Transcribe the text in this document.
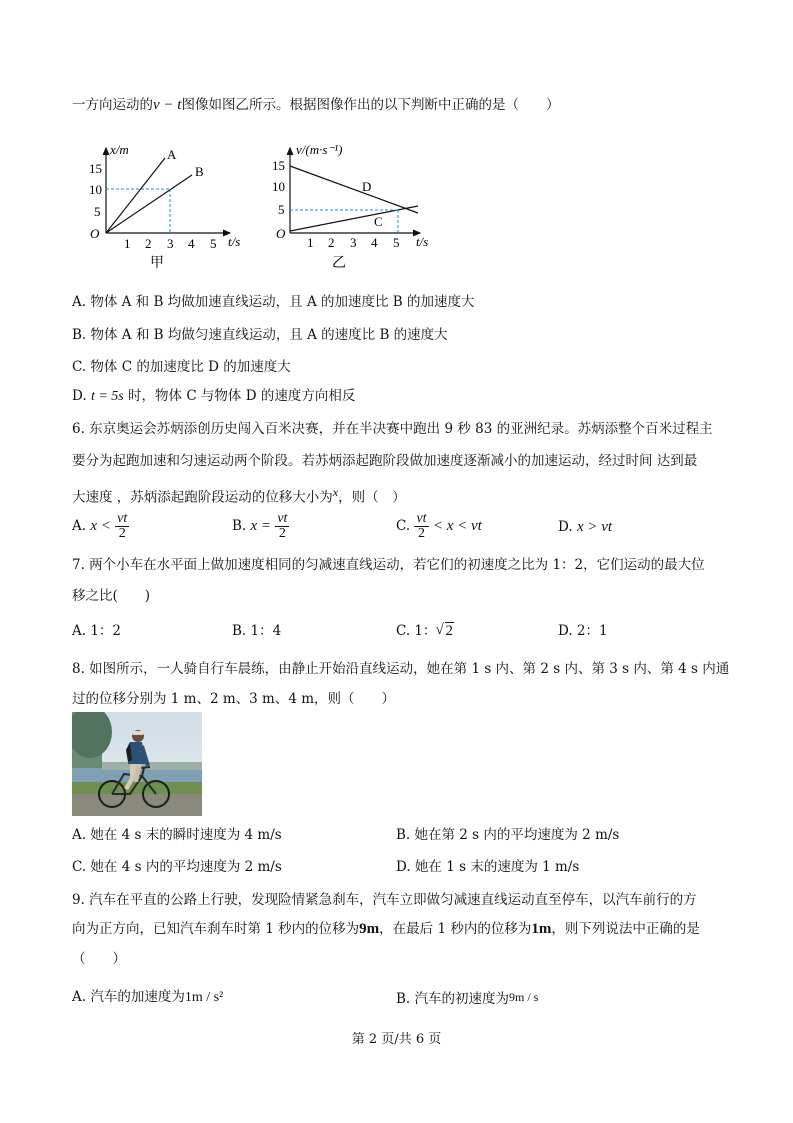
一方向运动的v − t图像如图乙所示。根据图像作出的以下判断中正确的是（　　）
x/m
t/s
O
15
10
5
1 2 3 4 5
A
B
甲
v/(m·s⁻¹)
t/s
O
15
10
5
1 2 3 4 5
D
C
乙
A. 物体 A 和 B 均做加速直线运动，且 A 的加速度比 B 的加速度大
B. 物体 A 和 B 均做匀速直线运动，且 A 的速度比 B 的速度大
C. 物体 C 的加速度比 D 的加速度大
D. t = 5s 时，物体 C 与物体 D 的速度方向相反
6. 东京奥运会苏炳添创历史闯入百米决赛，并在半决赛中跑出 9 秒 83 的亚洲纪录。苏炳添整个百米过程主
要分为起跑加速和匀速运动两个阶段。若苏炳添起跑阶段做加速度逐渐减小的加速运动，经过时间 达到最
大速度 ，苏炳添起跑阶段运动的位移大小为$^x$，则（　）
A. $x < \frac{vt}{2}$	B. $x = \frac{vt}{2}$	C. $\frac{vt}{2} < x$ < vt	D. x > vt
7. 两个小车在水平面上做加速度相同的匀减速直线运动，若它们的初速度之比为 1：2，它们运动的最大位
移之比(　　)
A. 1：2	B. 1：4	C. 1： √ 2	D. 2：1
8. 如图所示，一人骑自行车晨练，由静止开始沿直线运动，她在第 1 s 内、第 2 s 内、第 3 s 内、第 4 s 内通
过的位移分别为 1 m、2 m、3 m、4 m，则（　　）
A. 她在 4 s 末的瞬时速度为 4 m/s	B. 她在第 2 s 内的平均速度为 2 m/s
C. 她在 4 s 内的平均速度为 2 m/s	D. 她在 1 s 末的速度为 1 m/s
9. 汽车在平直的公路上行驶，发现险情紧急刹车，汽车立即做匀减速直线运动直至停车，以汽车前行的方
向为正方向，已知汽车刹车时第 1 秒内的位移为9m，在最后 1 秒内的位移为1m，则下列说法中正确的是
（　　）
A. 汽车的加速度为1m / s²	B. 汽车的初速度为9m / s
第 2 页/共 6 页
